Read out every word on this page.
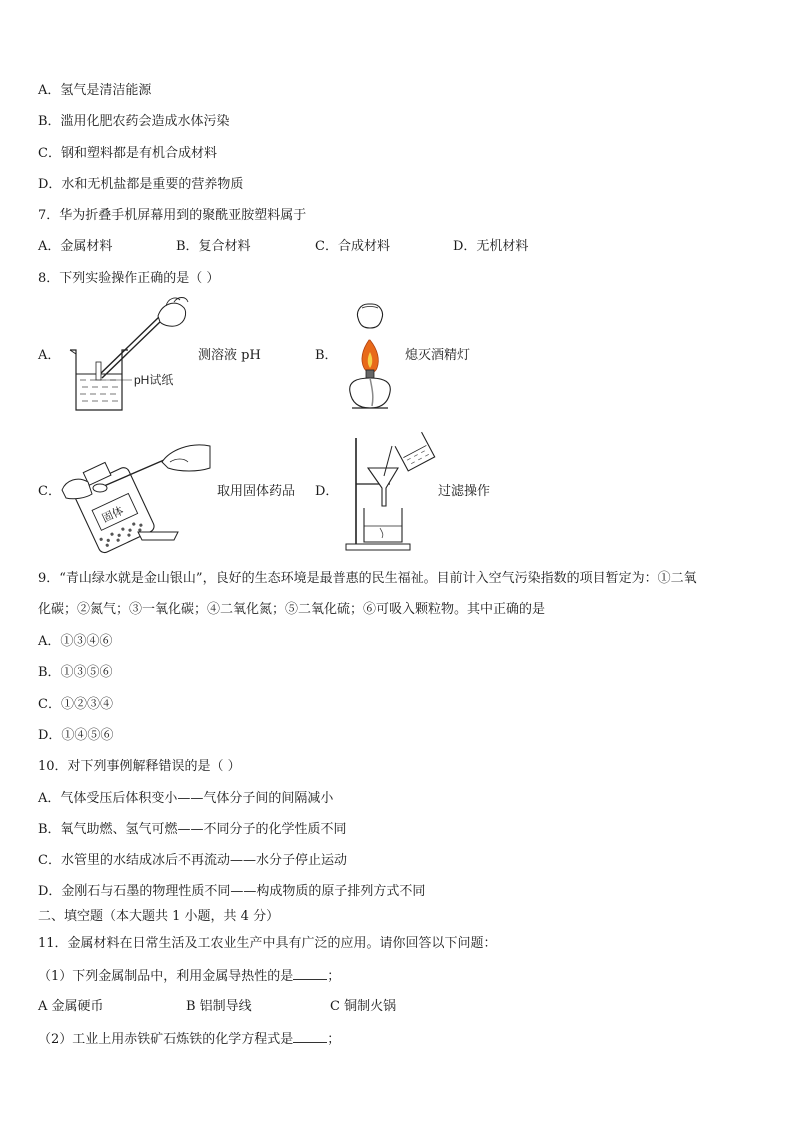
A．氢气是清洁能源
B．滥用化肥农药会造成水体污染
C．钢和塑料都是有机合成材料
D．水和无机盐都是重要的营养物质
7．华为折叠手机屏幕用到的聚酰亚胺塑料属于
A．金属材料	B．复合材料	C．合成材料	D．无机材料
8．下列实验操作正确的是（ ）
A．
pH试纸
测溶液 pH	B．	熄灭酒精灯
C．
固体
取用固体药品 D．	过滤操作
9．“青山绿水就是金山银山”，良好的生态环境是最普惠的民生福祉。目前计入空气污染指数的项目暂定为：①二氧
化碳；②氮气；③一氧化碳；④二氧化氮；⑤二氧化硫；⑥可吸入颗粒物。其中正确的是
A．①③④⑥
B．①③⑤⑥
C．①②③④
D．①④⑤⑥
10．对下列事例解释错误的是（ ）
A．气体受压后体积变小——气体分子间的间隔减小
B．氧气助燃、氢气可燃——不同分子的化学性质不同
C．水管里的水结成冰后不再流动——水分子停止运动
D．金刚石与石墨的物理性质不同——构成物质的原子排列方式不同
二、填空题（本大题共 1 小题，共 4 分）
11．金属材料在日常生活及工农业生产中具有广泛的应用。请你回答以下问题：
（1）下列金属制品中，利用金属导热性的是	；
A 金属硬币	B 铝制导线	C 铜制火锅
（2）工业上用赤铁矿石炼铁的化学方程式是	；
